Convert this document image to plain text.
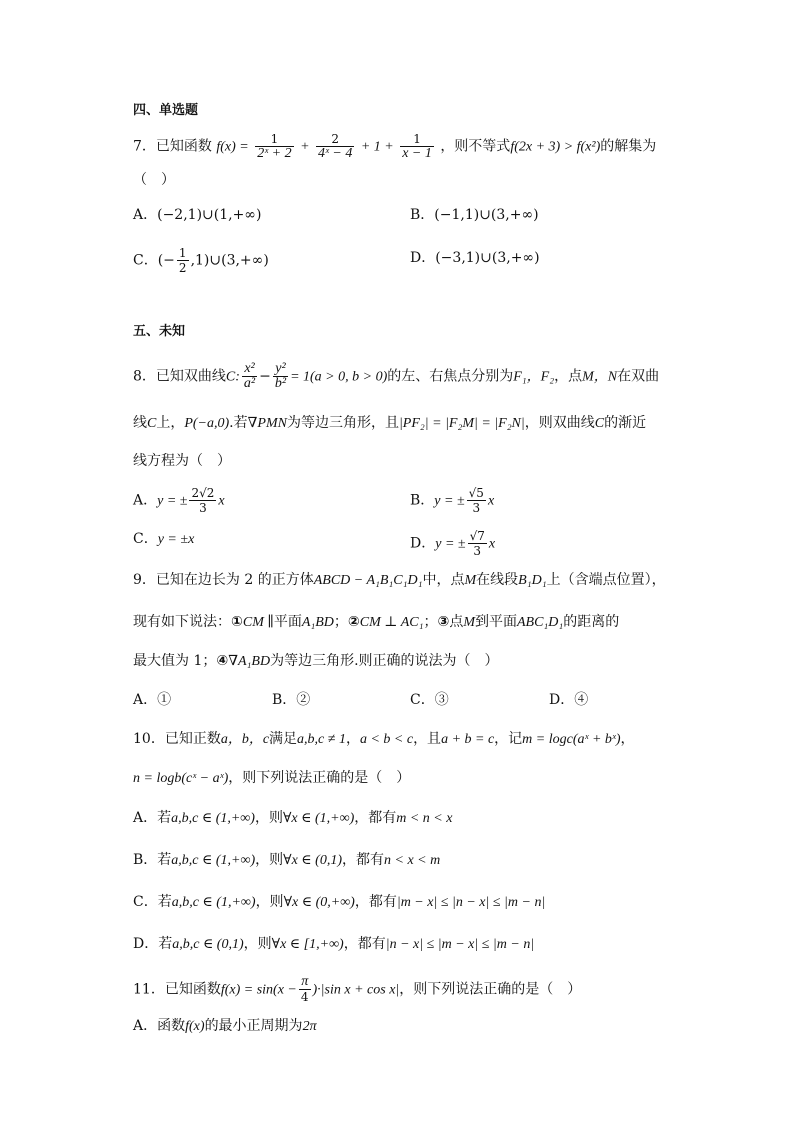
四、单选题
7．已知函数 $f(x) = \frac{1}{\text{2ˣ + 2}} + \frac{2}{\text{4ˣ − 4}} + 1 + \frac{1}{x - 1}$ ，则不等式f(2x + 3) > f(x²)的解集为
（　）
A．(−2,1)∪(1,+∞)	B．(−1,1)∪(3,+∞)
C．(− $\frac{1}{2}$ ,1)∪(3,+∞)	D．(−3,1)∪(3,+∞)
五、未知
8．已知双曲线C: $\frac{\text{x²}}{\text{a²}} - \frac{\text{y²}}{\text{b²}} = 1(a > 0$, b > 0)的左、右焦点分别为F₁，F₂，点M，N在双曲
线C上，P(−a,0).若∇PMN为等边三角形，且|PF₂| = |F₂M| = |F₂N|，则双曲线C的渐近
线方程为（　）
A．y = ± $\frac{2√2}{3}$ x	B．y = ± $\frac{√5}{3}$ x
C．y = ±x	D．y = ± $\frac{√7}{3}$ x
9．已知在边长为 2 的正方体ABCD − A₁B₁C₁D₁中，点M在线段B₁D₁上（含端点位置），
现有如下说法：①CM ∥平面A₁BD；②CM ⊥ AC₁；③点M到平面ABC₁D₁的距离的
最大值为 1；④∇A₁BD为等边三角形.则正确的说法为（　）
A．①	B．②	C．③	D．④
10．已知正数a，b，c满足a,b,c ≠ 1，a < b < c，且a + b = c，记m = logc(aˣ + bˣ)，
n = logb(cˣ − aˣ)，则下列说法正确的是（　）
A．若a,b,c ∈ (1,+∞)，则∀x ∈ (1,+∞)，都有m < n < x
B．若a,b,c ∈ (1,+∞)，则∀x ∈ (0,1)，都有n < x < m
C．若a,b,c ∈ (1,+∞)，则∀x ∈ (0,+∞)，都有|m − x| ≤ |n − x| ≤ |m − n|
D．若a,b,c ∈ (0,1)，则∀x ∈ [1,+∞)，都有|n − x| ≤ |m − x| ≤ |m − n|
11．已知函数$f(x) = \sin(x - \frac{\pi}{4} )\cdot|\sin$ x + cos x|，则下列说法正确的是（　）
A．函数f(x)的最小正周期为2π
